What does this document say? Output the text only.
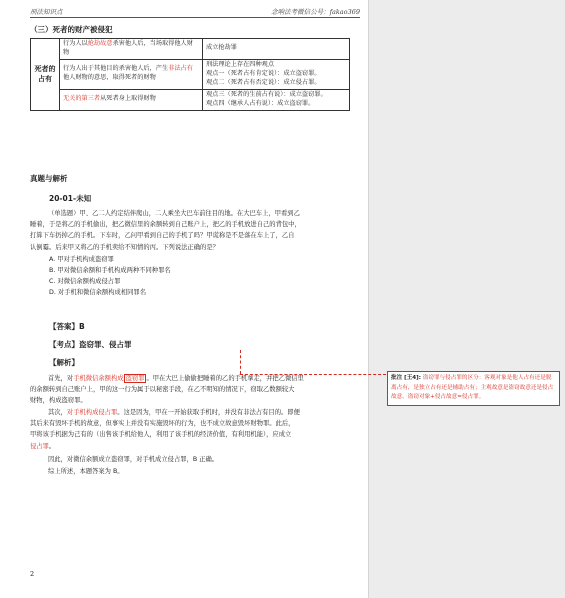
刑法知识点	念响法考微信公号：fakao369
（三）死者的财产被侵犯
死者的占有	行为人以抢劫故意杀害他人后，当场取得他人财物	成立抢劫罪

	行为人出于其他目的杀害他人后，产生非法占有他人财物的意思，取得死者的财物	刑法理论上存在四种观点
观点一（死者占有肯定说）：成立盗窃罪。
观点二（死者占有否定说）：成立侵占罪。

	无关的第三者从死者身上取得财物	观点三（死者的生前占有说）：成立盗窃罪。
观点四（继承人占有说）：成立盗窃罪。
真题与解析
20-01-未知
（单选题）甲、乙二人约定结伴爬山，二人乘坐大巴车前往目的地。在大巴车上，甲看到乙
睡着，于是将乙的手机偷出，把乙微信里的余额转到自己账户上，把乙的手机放进自己的背包中，
打算下车扔掉乙的手机。下车时，乙问甲看到自己的手机了吗？甲谎称是不是落在车上了，乙自
认倒霉。后来甲又将乙的手机卖给不知情的丙。下列说法正确的是？
A. 甲对手机构成盗窃罪
B. 甲对微信余额和手机构成两种不同种罪名
C. 对微信余额构成侵占罪
D. 对手机和微信余额构成相同罪名
【答案】B
【考点】盗窃罪、侵占罪
【解析】
首先，对手机微信余额构成 盗窃罪 。甲在大巴上偷偷把睡着的乙的手机拿走，并把乙微信里
的余额转到自己账户上，甲的这一行为属于以秘密手段，在乙不明知的情况下，窃取乙数额较大
财物，构成盗窃罪。
其次，对手机构成侵占罪。这是因为，甲在一开始获取手机时，并没有非法占有目的。即便
其后来有毁坏手机的故意，但事实上并没有实施毁坏的行为，也不成立故意毁坏财物罪。此后，
甲将该手机据为己有的（出售该手机给他人，利用了该手机的经济价值，有利用机能），应成立
侵占罪。
因此，对微信余额成立盗窃罪，对手机成立侵占罪，B 正确。
综上所述，本题答案为 B。
2
批注 [王4]: 盗窃罪与侵占罪的区分：客观对象是他人占有还是脱离占有，是独立占有还是辅助占有；主观故意是盗窃故意还是侵占故意。盗窃对象+侵占故意=侵占罪。
